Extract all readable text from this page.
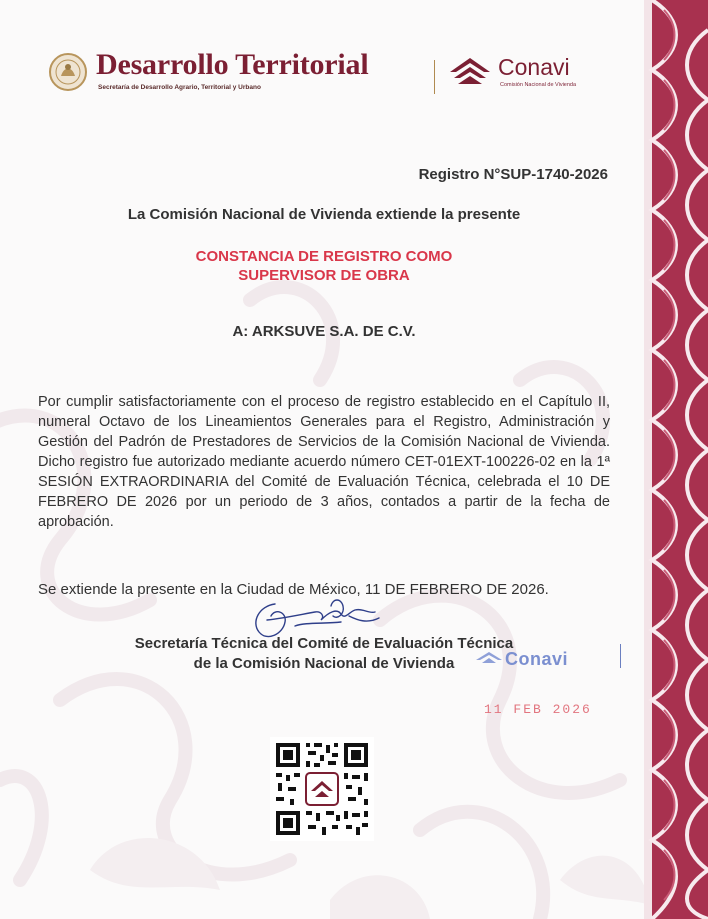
Desarrollo Territorial
Secretaría de Desarrollo Agrario, Territorial y Urbano
Conavi
Comisión Nacional de Vivienda
Registro N°SUP-1740-2026
La Comisión Nacional de Vivienda extiende la presente
CONSTANCIA DE REGISTRO COMO
SUPERVISOR DE OBRA
A: ARKSUVE S.A. DE C.V.
Por cumplir satisfactoriamente con el proceso de registro establecido en el Capítulo II, numeral Octavo de los Lineamientos Generales para el Registro, Administración y Gestión del Padrón de Prestadores de Servicios de la Comisión Nacional de Vivienda. Dicho registro fue autorizado mediante acuerdo número CET-01EXT-100226-02 en la 1ª SESIÓN EXTRAORDINARIA del Comité de Evaluación Técnica, celebrada el 10 DE FEBRERO DE 2026 por un periodo de 3 años, contados a partir de la fecha de aprobación.
Se extiende la presente en la Ciudad de México, 11 DE FEBRERO DE 2026.
Secretaría Técnica del Comité de Evaluación Técnica
de la Comisión Nacional de Vivienda	Conavi
11 FEB 2026
